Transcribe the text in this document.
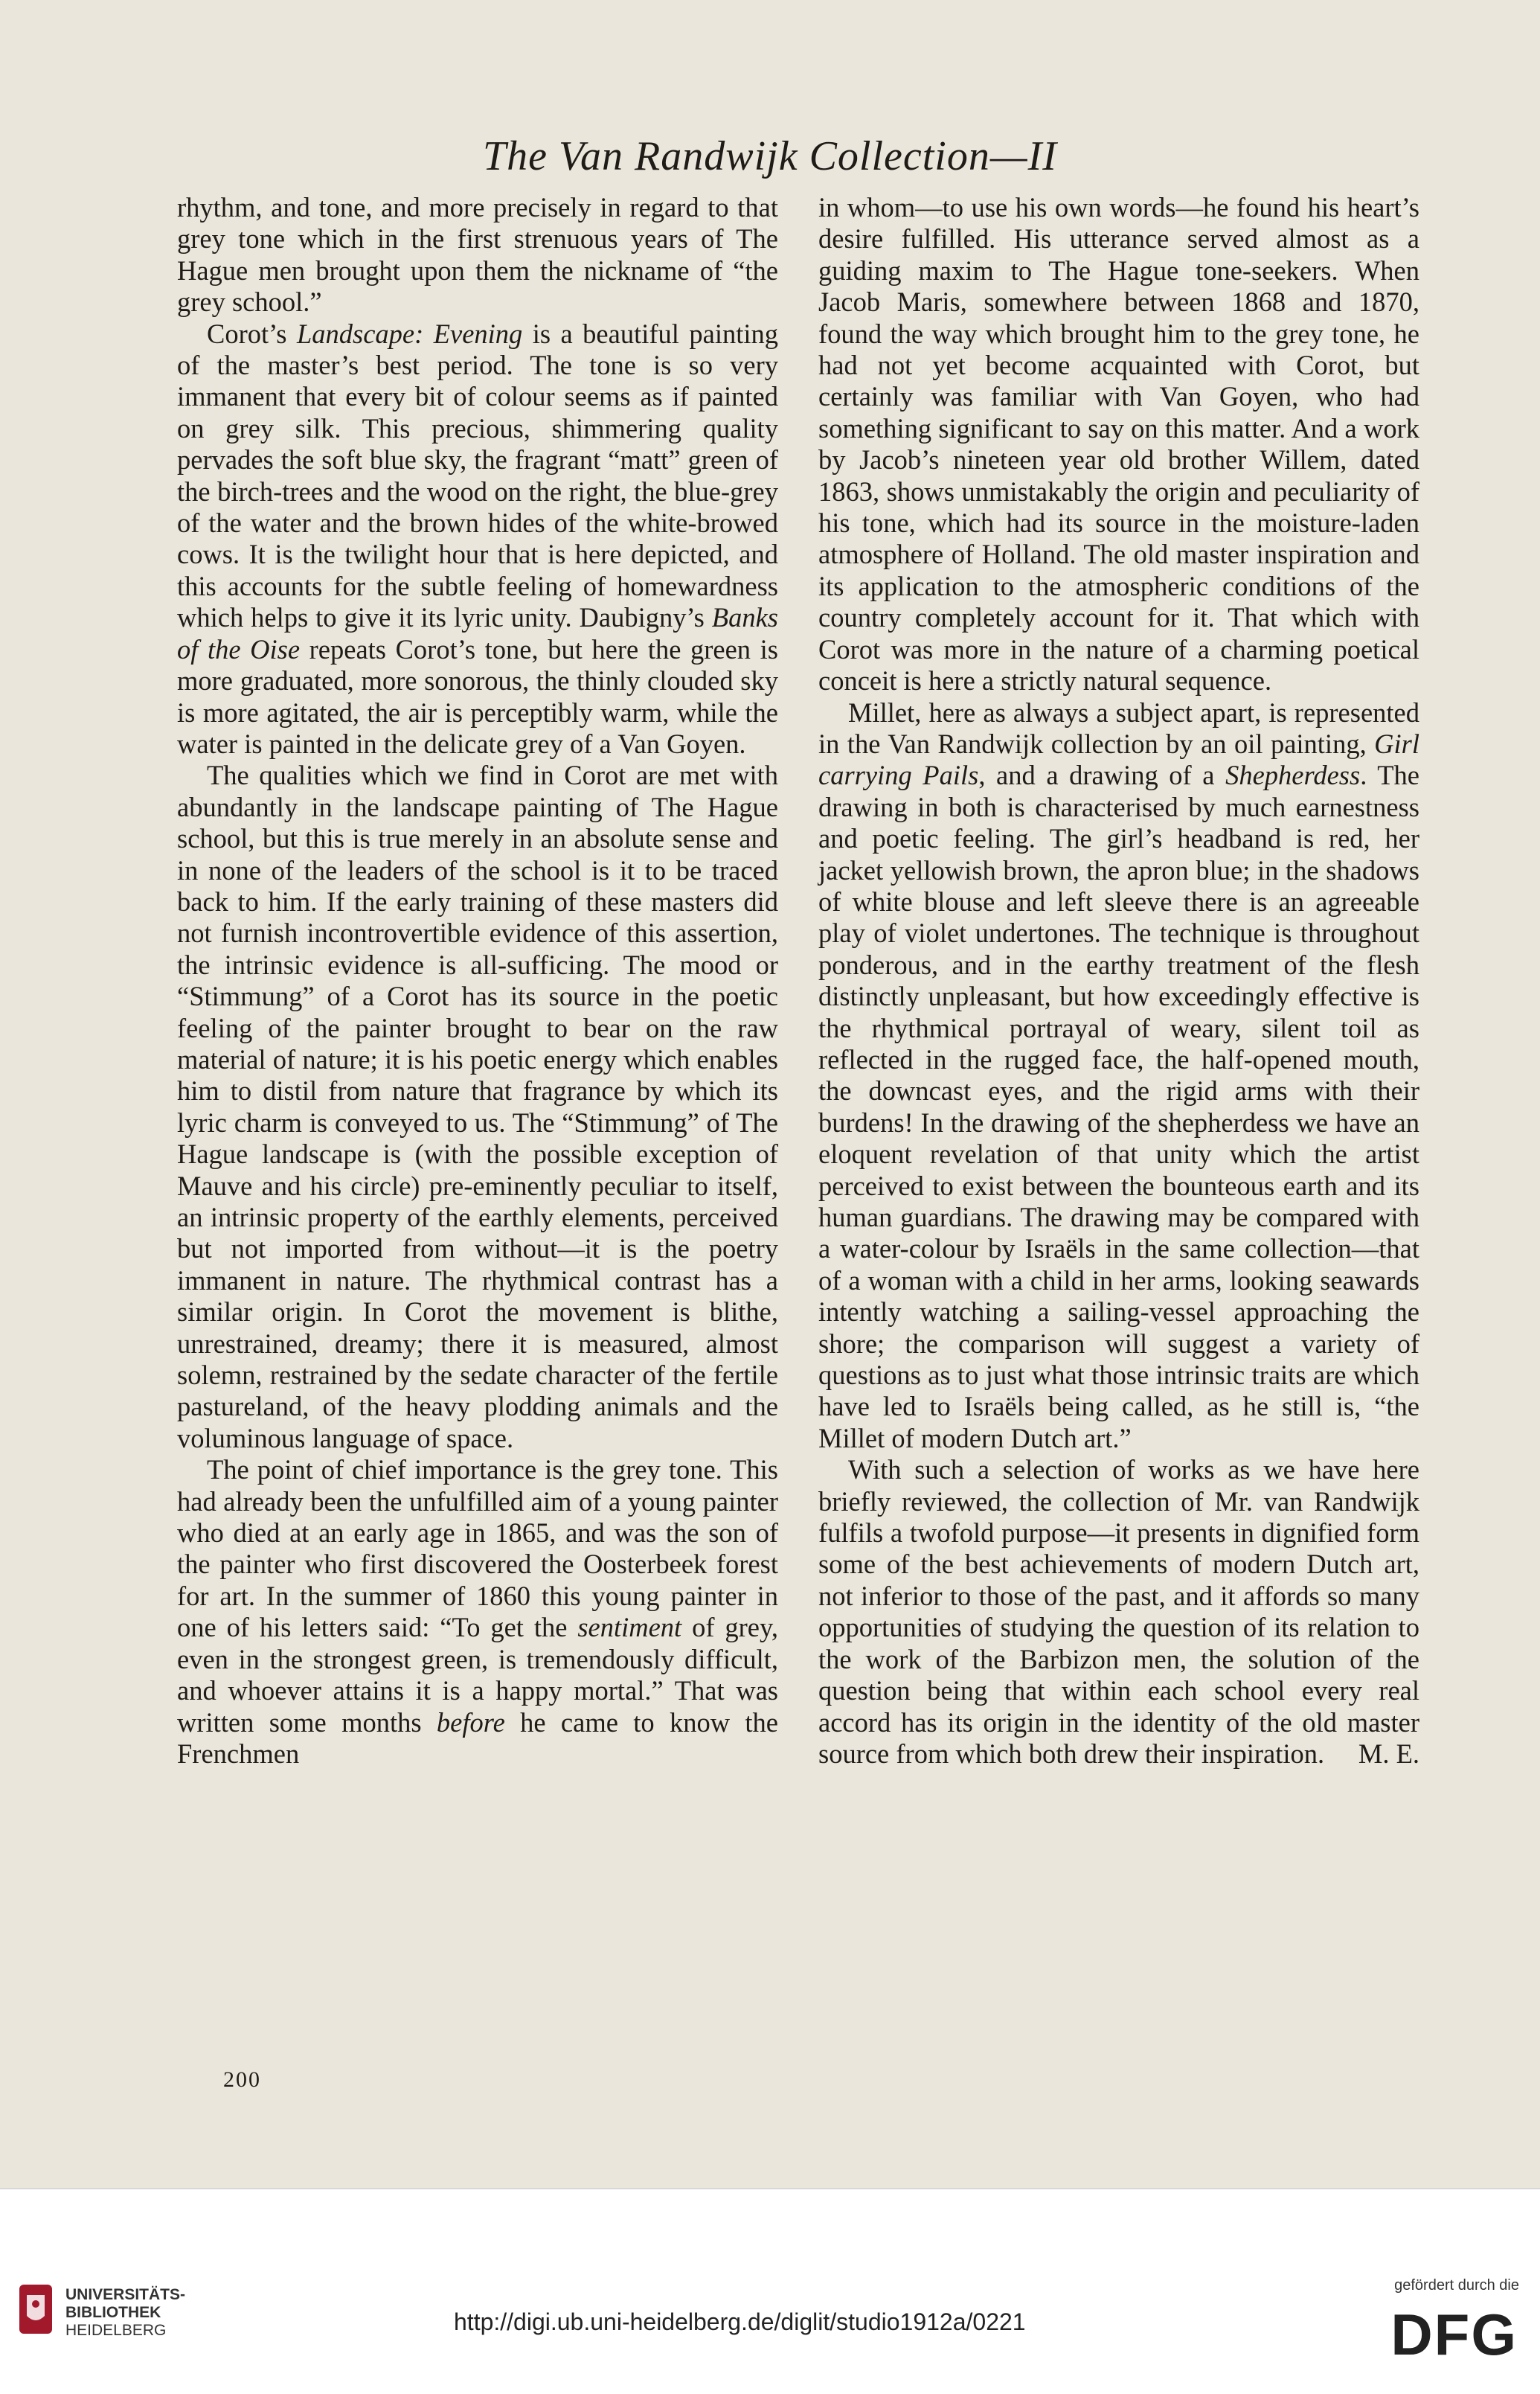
The Van Randwijk Collection—II

rhythm, and tone, and more precisely in regard to that grey tone which in the first strenuous years of The Hague men brought upon them the nickname of “the grey school.”

Corot’s Landscape: Evening is a beautiful painting of the master’s best period. The tone is so very immanent that every bit of colour seems as if painted on grey silk. This precious, shimmering quality pervades the soft blue sky, the fragrant “matt” green of the birch-trees and the wood on the right, the blue-grey of the water and the brown hides of the white-browed cows. It is the twilight hour that is here depicted, and this accounts for the subtle feeling of homewardness which helps to give it its lyric unity. Daubigny’s Banks of the Oise repeats Corot’s tone, but here the green is more graduated, more sonorous, the thinly clouded sky is more agitated, the air is perceptibly warm, while the water is painted in the delicate grey of a Van Goyen.

The qualities which we find in Corot are met with abundantly in the landscape painting of The Hague school, but this is true merely in an absolute sense and in none of the leaders of the school is it to be traced back to him. If the early training of these masters did not furnish incontrovertible evidence of this assertion, the intrinsic evidence is all-sufficing. The mood or “Stimmung” of a Corot has its source in the poetic feeling of the painter brought to bear on the raw material of nature; it is his poetic energy which enables him to distil from nature that fragrance by which its lyric charm is conveyed to us. The “Stimmung” of The Hague landscape is (with the possible exception of Mauve and his circle) pre-eminently peculiar to itself, an intrinsic property of the earthly elements, perceived but not imported from without—it is the poetry immanent in nature. The rhythmical contrast has a similar origin. In Corot the movement is blithe, unrestrained, dreamy; there it is measured, almost solemn, restrained by the sedate character of the fertile pastureland, of the heavy plodding animals and the voluminous language of space.

The point of chief importance is the grey tone. This had already been the unfulfilled aim of a young painter who died at an early age in 1865, and was the son of the painter who first discovered the Oosterbeek forest for art. In the summer of 1860 this young painter in one of his letters said: “To get the sentiment of grey, even in the strongest green, is tremendously difficult, and whoever attains it is a happy mortal.” That was written some months before he came to know the Frenchmen

in whom—to use his own words—he found his heart’s desire fulfilled. His utterance served almost as a guiding maxim to The Hague tone-seekers. When Jacob Maris, somewhere between 1868 and 1870, found the way which brought him to the grey tone, he had not yet become acquainted with Corot, but certainly was familiar with Van Goyen, who had something significant to say on this matter. And a work by Jacob’s nineteen year old brother Willem, dated 1863, shows unmistakably the origin and peculiarity of his tone, which had its source in the moisture-laden atmosphere of Holland. The old master inspiration and its application to the atmospheric conditions of the country completely account for it. That which with Corot was more in the nature of a charming poetical conceit is here a strictly natural sequence.

Millet, here as always a subject apart, is represented in the Van Randwijk collection by an oil painting, Girl carrying Pails, and a drawing of a Shepherdess. The drawing in both is characterised by much earnestness and poetic feeling. The girl’s headband is red, her jacket yellowish brown, the apron blue; in the shadows of white blouse and left sleeve there is an agreeable play of violet undertones. The technique is throughout ponderous, and in the earthy treatment of the flesh distinctly unpleasant, but how exceedingly effective is the rhythmical portrayal of weary, silent toil as reflected in the rugged face, the half-opened mouth, the downcast eyes, and the rigid arms with their burdens! In the drawing of the shepherdess we have an eloquent revelation of that unity which the artist perceived to exist between the bounteous earth and its human guardians. The drawing may be compared with a water-colour by Israëls in the same collection—that of a woman with a child in her arms, looking seawards intently watching a sailing-vessel approaching the shore; the comparison will suggest a variety of questions as to just what those intrinsic traits are which have led to Israëls being called, as he still is, “the Millet of modern Dutch art.”

With such a selection of works as we have here briefly reviewed, the collection of Mr. van Randwijk fulfils a twofold purpose—it presents in dignified form some of the best achievements of modern Dutch art, not inferior to those of the past, and it affords so many opportunities of studying the question of its relation to the work of the Barbizon men, the solution of the question being that within each school every real accord has its origin in the identity of the old master source from which both drew their inspiration.	M. E.

200
UNIVERSITÄTS-
BIBLIOTHEK
HEIDELBERG	http://digi.ub.uni-heidelberg.de/diglit/studio1912a/0221
gefördert durch die
DFG
